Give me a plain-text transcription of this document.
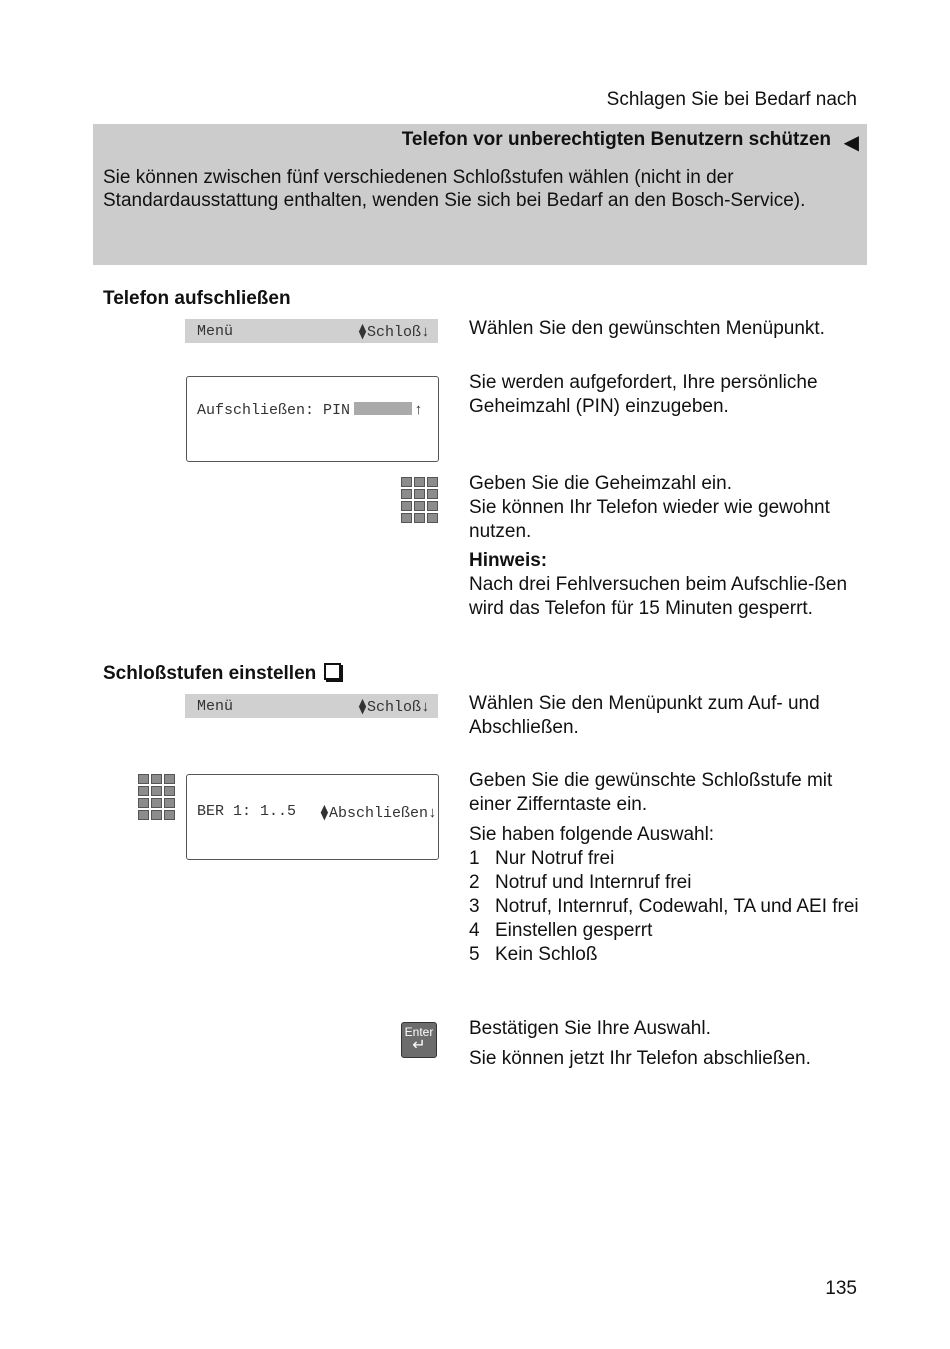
Schlagen Sie bei Bedarf nach
Telefon vor unberechtigten Benutzern schützen ◀
Sie können zwischen fünf verschiedenen Schloßstufen wählen (nicht in der Standardausstattung enthalten, wenden Sie sich bei Bedarf an den Bosch-Service).
Telefon aufschließen
Menü	⧫Schloß↓ Wählen Sie den gewünschten Menüpunkt.
Aufschließen: PIN	↑
Sie werden aufgefordert, Ihre persönliche Geheimzahl (PIN) einzugeben.

Geben Sie die Geheimzahl ein.

Sie können Ihr Telefon wieder wie gewohnt nutzen.

Hinweis:

Nach drei Fehlversuchen beim Aufschlie-ßen wird das Telefon für 15 Minuten gesperrt.

Schloßstufen einstellen
Menü	⧫Schloß↓ Wählen Sie den Menüpunkt zum Auf- und Abschließen.
BER 1: 1..5 ⧫Abschließen↓

Geben Sie die gewünschte Schloßstufe mit einer Zifferntaste ein.

Sie haben folgende Auswahl:

1 Nur Notruf frei
2 Notruf und Internruf frei
3 Notruf, Internruf, Codewahl, TA und AEI frei
4 Einstellen gesperrt
5 Kein Schloß
Enter
↵

Bestätigen Sie Ihre Auswahl.

Sie können jetzt Ihr Telefon abschließen.

135
